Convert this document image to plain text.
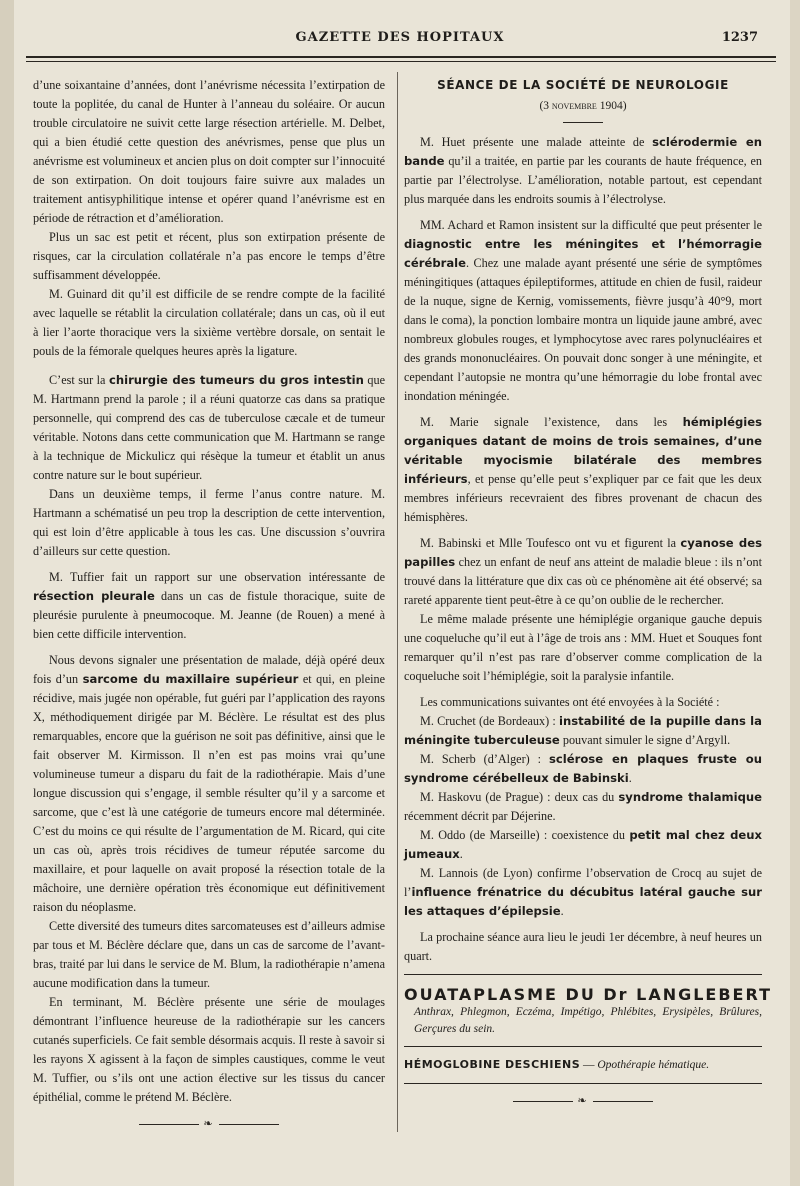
GAZETTE DES HOPITAUX	1237

d’une soixantaine d’années, dont l’anévrisme nécessita l’extirpation de toute la poplitée, du canal de Hunter à l’anneau du soléaire. Or aucun trouble circulatoire ne suivit cette large résection artérielle. M. Delbet, qui a bien étudié cette question des anévrismes, pense que plus un anévrisme est volumineux et ancien plus on doit compter sur l’innocuité de son extirpation. On doit toujours faire suivre aux malades un traitement antisyphilitique intense et opérer quand l’anévrisme est en période de rétraction et d’amélioration.

Plus un sac est petit et récent, plus son extirpation présente de risques, car la circulation collatérale n’a pas encore le temps d’être suffisamment développée.

M. Guinard dit qu’il est difficile de se rendre compte de la facilité avec laquelle se rétablit la circulation collatérale; dans un cas, où il eut à lier l’aorte thoracique vers la sixième vertèbre dorsale, on sentait le pouls de la fémorale quelques heures après la ligature.

C’est sur la chirurgie des tumeurs du gros intestin que M. Hartmann prend la parole ; il a réuni quatorze cas dans sa pratique personnelle, qui comprend des cas de tuberculose cæcale et de tumeur véritable. Notons dans cette communication que M. Hartmann se range à la technique de Mickulicz qui résèque la tumeur et établit un anus contre nature sur le bout supérieur.

Dans un deuxième temps, il ferme l’anus contre nature. M. Hartmann a schématisé un peu trop la description de cette intervention, qui est loin d’être applicable à tous les cas. Une discussion s’ouvrira d’ailleurs sur cette question.

M. Tuffier fait un rapport sur une observation intéressante de résection pleurale dans un cas de fistule thoracique, suite de pleurésie purulente à pneumocoque. M. Jeanne (de Rouen) a mené à bien cette difficile intervention.

Nous devons signaler une présentation de malade, déjà opéré deux fois d’un sarcome du maxillaire supérieur et qui, en pleine récidive, mais jugée non opérable, fut guéri par l’application des rayons X, méthodiquement dirigée par M. Béclère. Le résultat est des plus remarquables, encore que la guérison ne soit pas définitive, ainsi que le fait observer M. Kirmisson. Il n’en est pas moins vrai qu’une volumineuse tumeur a disparu du fait de la radiothérapie. Mais d’une longue discussion qui s’engage, il semble résulter qu’il y a sarcome et sarcome, que c’est là une catégorie de tumeurs encore mal déterminée. C’est du moins ce qui résulte de l’argumentation de M. Ricard, qui cite un cas où, après trois récidives de tumeur réputée sarcome du maxillaire, et pour laquelle on avait proposé la résection totale de la mâchoire, une dernière opération très économique eut définitivement raison du néoplasme.

Cette diversité des tumeurs dites sarcomateuses est d’ailleurs admise par tous et M. Béclère déclare que, dans un cas de sarcome de l’avant-bras, traité par lui dans le service de M. Blum, la radiothérapie n’amena aucune modification dans la tumeur.

En terminant, M. Béclère présente une série de moulages démontrant l’influence heureuse de la radiothérapie sur les cancers cutanés superficiels. Ce fait semble désormais acquis. Il reste à savoir si les rayons X agissent à la façon de simples caustiques, comme le veut M. Tuffier, ou s’ils ont une action élective sur les tissus du cancer épithélial, comme le prétend M. Béclère.

❧
SÉANCE DE LA SOCIÉTÉ DE NEUROLOGIE
(3 novembre 1904)

M. Huet présente une malade atteinte de sclérodermie en bande qu’il a traitée, en partie par les courants de haute fréquence, en partie par l’électrolyse. L’amélioration, notable partout, est cependant plus marquée dans les endroits soumis à l’électrolyse.

MM. Achard et Ramon insistent sur la difficulté que peut présenter le diagnostic entre les méningites et l’hémorragie cérébrale. Chez une malade ayant présenté une série de symptômes méningitiques (attaques épileptiformes, attitude en chien de fusil, raideur de la nuque, signe de Kernig, vomissements, fièvre jusqu’à 40°9, mort dans le coma), la ponction lombaire montra un liquide jaune ambré, avec nombreux globules rouges, et lymphocytose avec rares polynucléaires et des grands mononucléaires. On pouvait donc songer à une méningite, et cependant l’autopsie ne montra qu’une hémorragie du lobe frontal avec inondation méningée.

M. Marie signale l’existence, dans les hémiplégies organiques datant de moins de trois semaines, d’une véritable myocismie bilatérale des membres inférieurs, et pense qu’elle peut s’expliquer par ce fait que les deux membres inférieurs recevraient des fibres provenant de chacun des hémisphères.

M. Babinski et Mlle Toufesco ont vu et figurent la cyanose des papilles chez un enfant de neuf ans atteint de maladie bleue : ils n’ont trouvé dans la littérature que dix cas où ce phénomène ait été observé; sa rareté apparente tient peut-être à ce qu’on oublie de le rechercher.

Le même malade présente une hémiplégie organique gauche depuis une coqueluche qu’il eut à l’âge de trois ans : MM. Huet et Souques font remarquer qu’il n’est pas rare d’observer comme complication de la coqueluche soit l’hémiplégie, soit la paralysie infantile.

Les communications suivantes ont été envoyées à la Société :

M. Cruchet (de Bordeaux) : instabilité de la pupille dans la méningite tuberculeuse pouvant simuler le signe d’Argyll.

M. Scherb (d’Alger) : sclérose en plaques fruste ou syndrome cérébelleux de Babinski.

M. Haskovu (de Prague) : deux cas du syndrome thalamique récemment décrit par Déjerine.

M. Oddo (de Marseille) : coexistence du petit mal chez deux jumeaux.

M. Lannois (de Lyon) confirme l’observation de Crocq au sujet de l’influence frénatrice du décubitus latéral gauche sur les attaques d’épilepsie.

La prochaine séance aura lieu le jeudi 1er décembre, à neuf heures un quart.

OUATAPLASME DU Dr LANGLEBERT
Anthrax, Phlegmon, Eczéma, Impétigo, Phlébites, Erysipèles, Brûlures, Gerçures du sein.
HÉMOGLOBINE DESCHIENS — Opothérapie hématique.
❧
